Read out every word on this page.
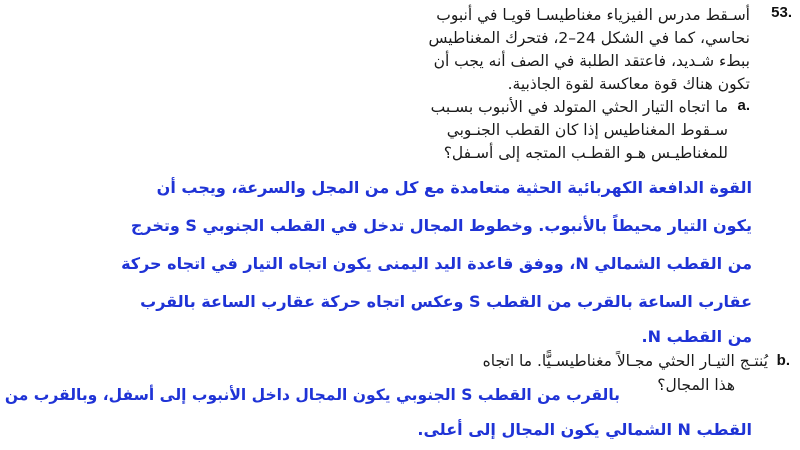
53.
أسـقط مدرس الفيزياء مغناطيسـا قويـا في أنبوب
نحاسي، كما في الشكل 24–2، فتحرك المغناطيس
ببطء شـديد، فاعتقد الطلبة في الصف أنه يجب أن
تكون هناك قوة معاكسة لقوة الجاذبية.
a.
ما اتجاه التيار الحثي المتولد في الأنبوب بسـبب
سـقوط المغناطيس إذا كان القطب الجنـوبي
للمغناطيـس هـو القطـب المتجه إلى أسـفل؟
القوة الدافعة الكهربائية الحثية متعامدة مع كل من المجل والسرعة، ويجب أن
يكون التيار محيطاً بالأنبوب. وخطوط المجال تدخل في القطب الجنوبي S وتخرج
من القطب الشمالي N، ووفق قاعدة اليد اليمنى يكون اتجاه التيار في اتجاه حركة
عقارب الساعة بالقرب من القطب S وعكس اتجاه حركة عقارب الساعة بالقرب
من القطب N.
b.
يُنتـج التيـار الحثي مجـالاً مغناطيسـيًّا. ما اتجاه
هذا المجال؟
بالقرب من القطب S الجنوبي يكون المجال داخل الأنبوب إلى أسفل، وبالقرب من
القطب N الشمالي يكون المجال إلى أعلى.
